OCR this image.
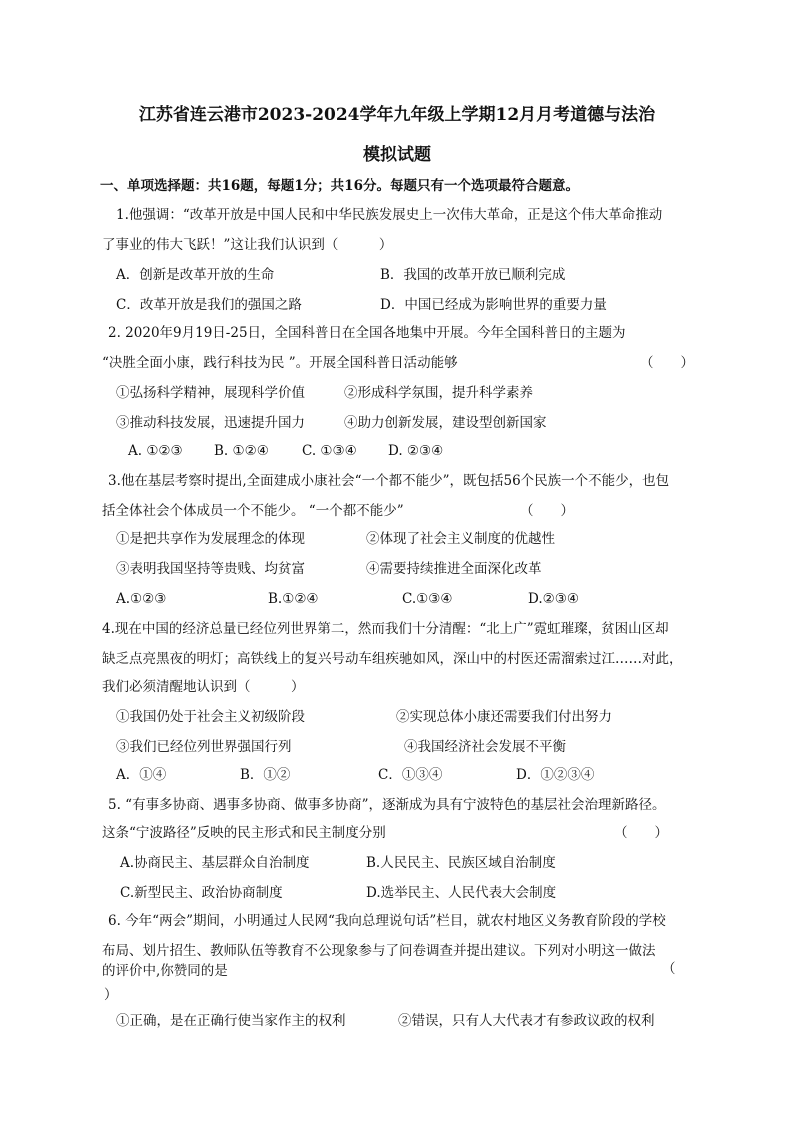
江苏省连云港市2023-2024学年九年级上学期12月月考道德与法治
模拟试题
一、单项选择题：共16题，每题1分；共16分。每题只有一个选项最符合题意。
1.他强调：“改革开放是中国人民和中华民族发展史上一次伟大革命，正是这个伟大革命推动
了事业的伟大飞跃！”这让我们认识到（　　　）
A．创新是改革开放的生命	B．我国的改革开放已顺利完成
C．改革开放是我们的强国之路	D．中国已经成为影响世界的重要力量
2. 2020年9月19日-25日，全国科普日在全国各地集中开展。今年全国科普日的主题为
“决胜全面小康，践行科技为民 ”。开展全国科普日活动能够	（　　）
①弘扬科学精神，展现科学价值	②形成科学氛围，提升科学素养
③推动科技发展，迅速提升国力	④助力创新发展，建设型创新国家
A. ①②③ B. ①②④ C. ①③④ D. ②③④
3.他在基层考察时提出,全面建成小康社会“一个都不能少”，既包括56个民族一个不能少，也包
括全体社会个体成员一个不能少。 “一个都不能少”	（　　）
①是把共享作为发展理念的体现	②体现了社会主义制度的优越性
③表明我国坚持等贵贱、均贫富	④需要持续推进全面深化改革
A.①②③	B.①②④	C.①③④	D.②③④
4.现在中国的经济总量已经位列世界第二，然而我们十分清醒：“北上广”霓虹璀璨，贫困山区却
缺乏点亮黑夜的明灯；高铁线上的复兴号动车组疾驰如风，深山中的村医还需溜索过江……对此，
我们必须清醒地认识到（　　　）
①我国仍处于社会主义初级阶段	②实现总体小康还需要我们付出努力
③我们已经位列世界强国行列	④我国经济社会发展不平衡
A．①④	B．①②	C．①③④	D．①②③④
5. “有事多协商、遇事多协商、做事多协商”，逐渐成为具有宁波特色的基层社会治理新路径。
这条“宁波路径”反映的民主形式和民主制度分别	（　　）
A.协商民主、基层群众自治制度	B.人民民主、民族区域自治制度
C.新型民主、政治协商制度	D.选举民主、人民代表大会制度
6. 今年“两会”期间，小明通过人民网“我向总理说句话”栏目，就农村地区义务教育阶段的学校
布局、划片招生、教师队伍等教育不公现象参与了问卷调查并提出建议。下列对小明这一做法
的评价中,你赞同的是	（
）
①正确，是在正确行使当家作主的权利	②错误，只有人大代表才有参政议政的权利
